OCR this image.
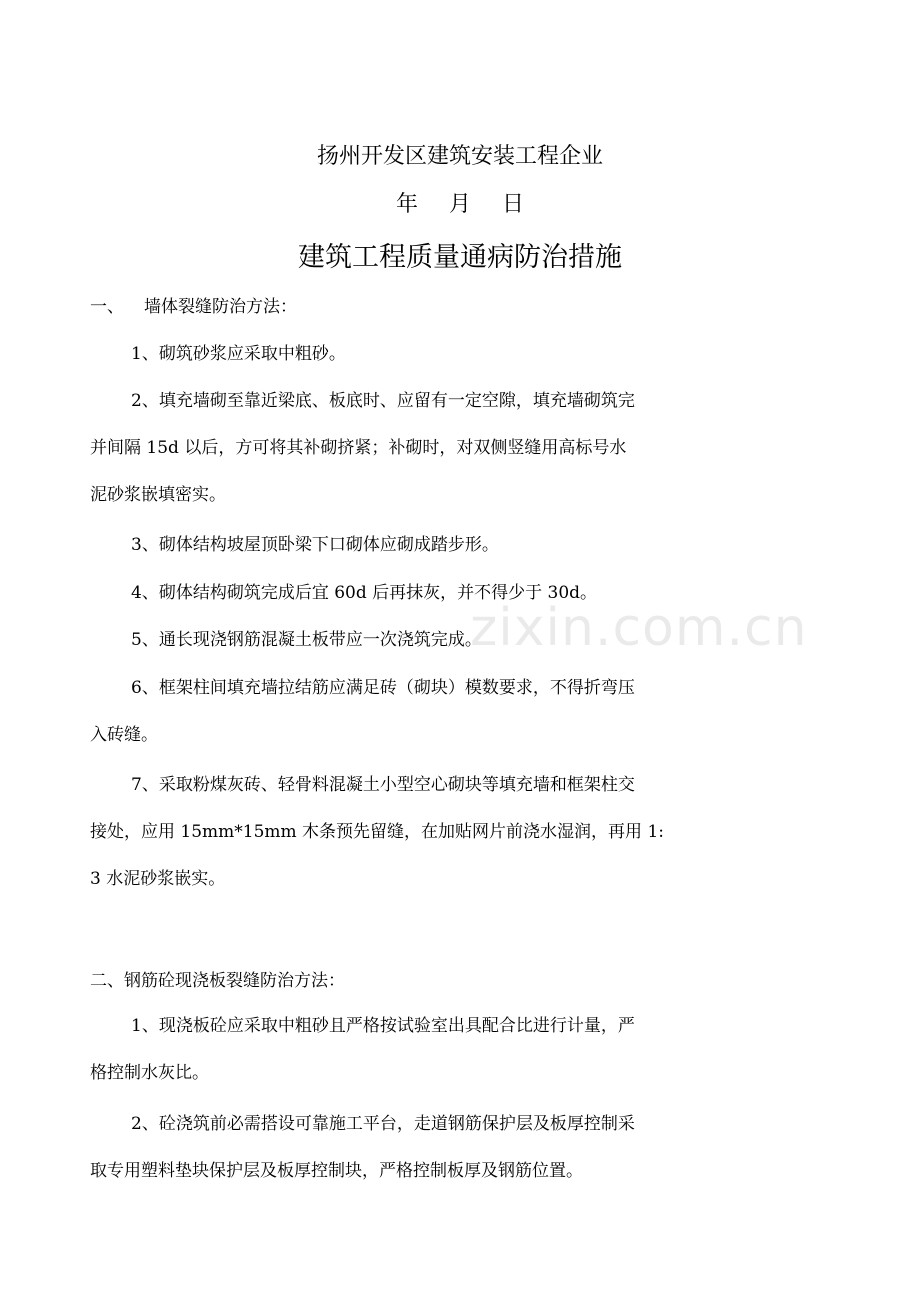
扬州开发区建筑安装工程企业
年 月 日
建筑工程质量通病防治措施
一、 墙体裂缝防治方法：
1、砌筑砂浆应采取中粗砂。
2、填充墙砌至靠近梁底、板底时、应留有一定空隙，填充墙砌筑完
并间隔 15d 以后，方可将其补砌挤紧；补砌时，对双侧竖缝用高标号水
泥砂浆嵌填密实。
3、砌体结构坡屋顶卧梁下口砌体应砌成踏步形。
4、砌体结构砌筑完成后宜 60d 后再抹灰，并不得少于 30d。
5、通长现浇钢筋混凝土板带应一次浇筑完成。
6、框架柱间填充墙拉结筋应满足砖（砌块）模数要求，不得折弯压
入砖缝。
7、采取粉煤灰砖、轻骨料混凝土小型空心砌块等填充墙和框架柱交
接处，应用 15mm*15mm 木条预先留缝，在加贴网片前浇水湿润，再用 1:
3 水泥砂浆嵌实。
二、钢筋砼现浇板裂缝防治方法：
1、现浇板砼应采取中粗砂且严格按试验室出具配合比进行计量，严
格控制水灰比。
2、砼浇筑前必需搭设可靠施工平台，走道钢筋保护层及板厚控制采
取专用塑料垫块保护层及板厚控制块，严格控制板厚及钢筋位置。
zixin.com.cn
